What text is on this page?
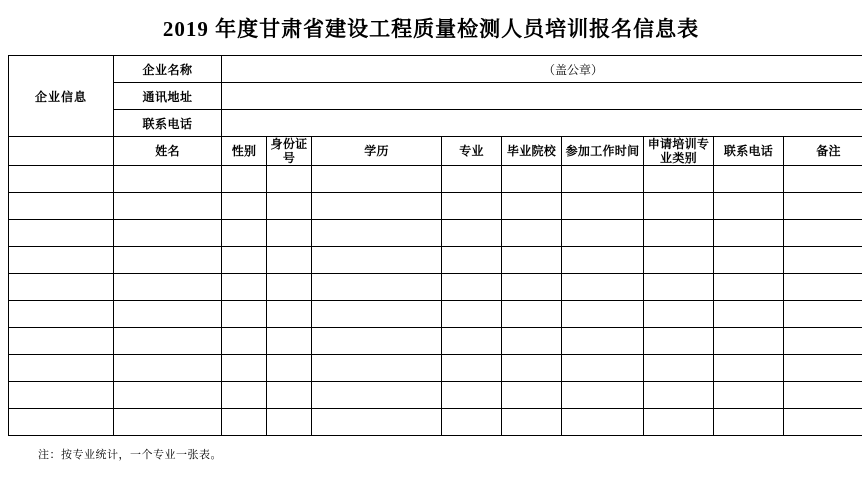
2019 年度甘肃省建设工程质量检测人员培训报名信息表
企业信息	企业名称	（盖公章）								
	通讯地址									
	联系电话									
	姓名	性别	身份证号	学历	专业	毕业院校	参加工作时间	申请培训专业类别	联系电话	备注

注：按专业统计，一个专业一张表。
